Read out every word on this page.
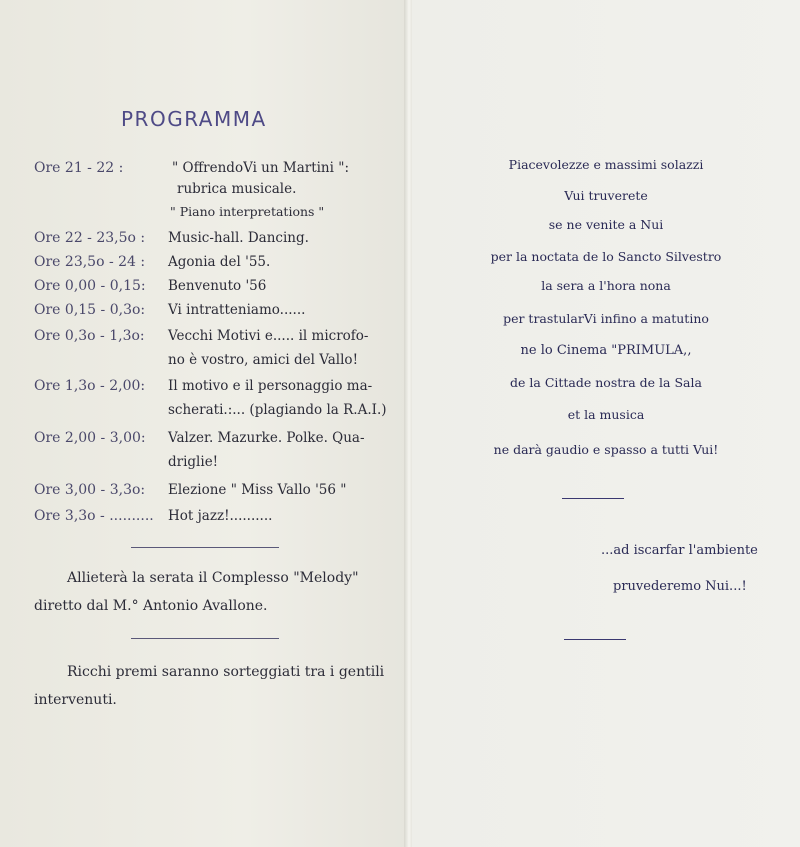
PROGRAMMA
Ore 21 - 22 :	" OffrendoVi un Martini ":
rubrica musicale.
" Piano interpretations "
Ore 22 - 23,5o : Music-hall. Dancing.
Ore 23,5o - 24 : Agonia del '55.
Ore 0,00 - 0,15: Benvenuto '56
Ore 0,15 - 0,3o: Vi intratteniamo......
Ore 0,3o - 1,3o: Vecchi Motivi e..... il microfo-
no è vostro, amici del Vallo!
Ore 1,3o - 2,00: Il motivo e il personaggio ma-
scherati.:... (plagiando la R.A.I.)
Ore 2,00 - 3,00: Valzer. Mazurke. Polke. Qua-
driglie!
Ore 3,00 - 3,3o: Elezione " Miss Vallo '56 "
Ore 3,3o - .......... Hot jazz!..........
Allieterà la serata il Complesso "Melody"
diretto dal M.° Antonio Avallone.
Ricchi premi saranno sorteggiati tra i gentili
intervenuti.
Piacevolezze e massimi solazzi
Vui truverete
se ne venite a Nui
per la noctata de lo Sancto Silvestro
la sera a l'hora nona
per trastularVi infino a matutino
ne lo Cinema "PRIMULA,,
de la Cittade nostra de la Sala
et la musica
ne darà gaudio e spasso a tutti Vui!
...ad iscarfar l'ambiente
pruvederemo Nui...!
